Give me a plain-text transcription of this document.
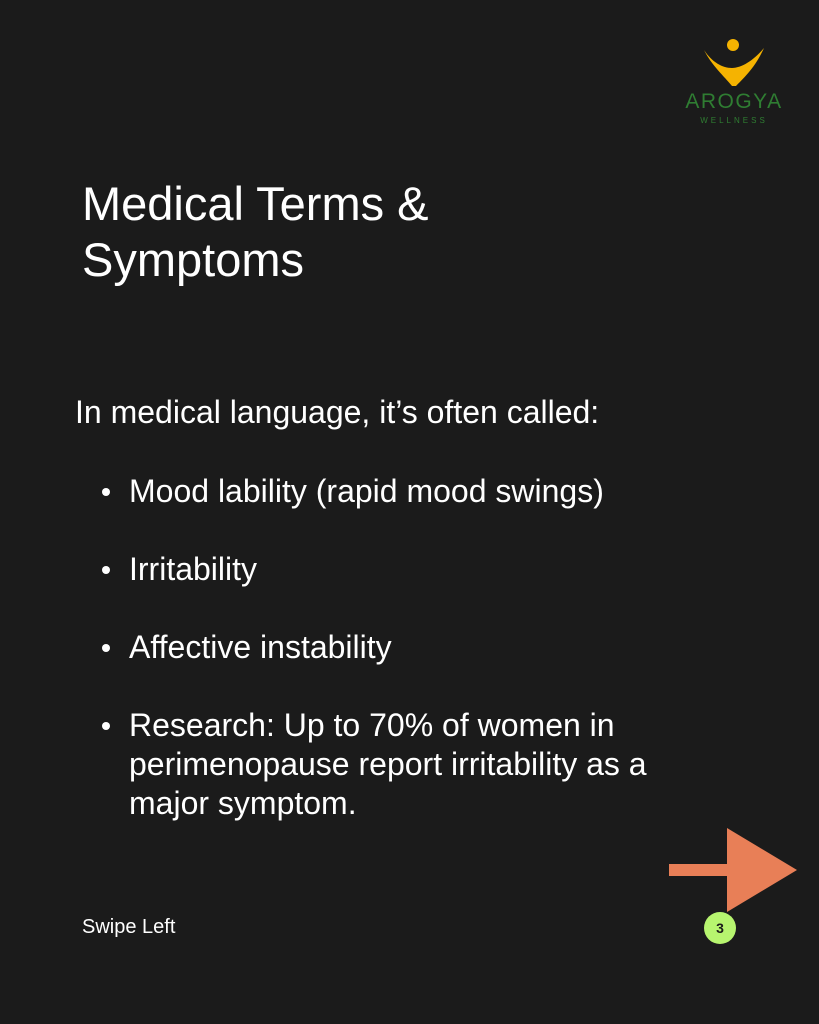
AROGYA
WELLNESS
Medical Terms &
Symptoms

In medical language, it’s often called:

Mood lability (rapid mood swings)
Irritability
Affective instability
Research: Up to 70% of women in perimenopause report irritability as a major symptom.
Swipe Left	3
